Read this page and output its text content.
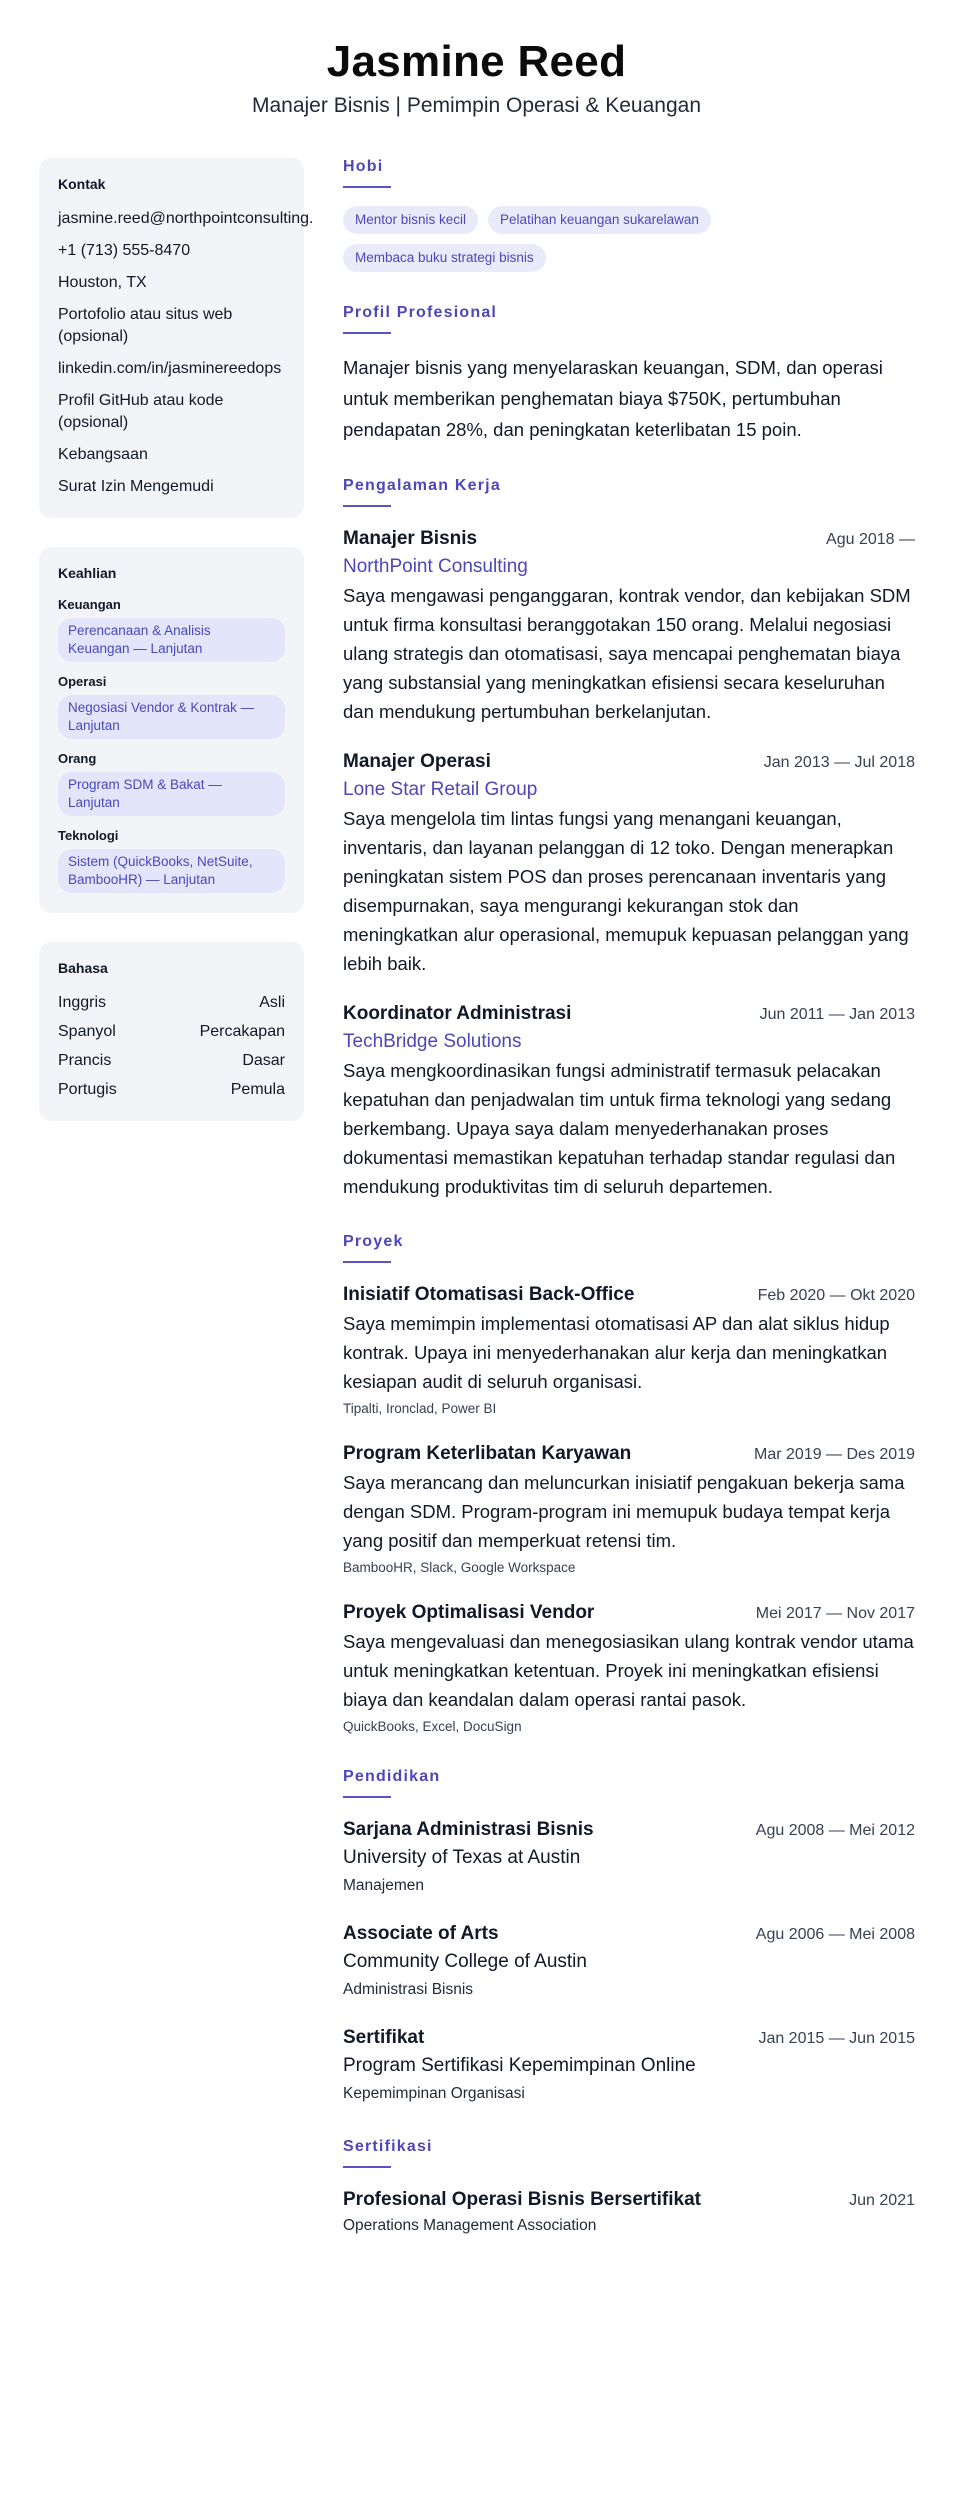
Jasmine Reed
Manajer Bisnis | Pemimpin Operasi & Keuangan
Kontak
jasmine.reed@northpointconsulting.
+1 (713) 555-8470
Houston, TX
Portofolio atau situs web (opsional)
linkedin.com/in/jasminereedops
Profil GitHub atau kode (opsional)
Kebangsaan
Surat Izin Mengemudi
Keahlian
Keuangan
Perencanaan & Analisis Keuangan — Lanjutan
Operasi
Negosiasi Vendor & Kontrak — Lanjutan
Orang
Program SDM & Bakat — Lanjutan
Teknologi
Sistem (QuickBooks, NetSuite, BambooHR) — Lanjutan
Bahasa
Inggris	Asli
Spanyol	Percakapan
Prancis	Dasar
Portugis	Pemula
Hobi
Mentor bisnis kecil	Pelatihan keuangan sukarelawan
Membaca buku strategi bisnis
Profil Profesional

Manajer bisnis yang menyelaraskan keuangan, SDM, dan operasi untuk memberikan penghematan biaya $750K, pertumbuhan pendapatan 28%, dan peningkatan keterlibatan 15 poin.

Pengalaman Kerja
Manajer Bisnis	Agu 2018 —
NorthPoint Consulting

Saya mengawasi penganggaran, kontrak vendor, dan kebijakan SDM untuk firma konsultasi beranggotakan 150 orang. Melalui negosiasi ulang strategis dan otomatisasi, saya mencapai penghematan biaya yang substansial yang meningkatkan efisiensi secara keseluruhan dan mendukung pertumbuhan berkelanjutan.

Manajer Operasi	Jan 2013 — Jul 2018
Lone Star Retail Group

Saya mengelola tim lintas fungsi yang menangani keuangan, inventaris, dan layanan pelanggan di 12 toko. Dengan menerapkan peningkatan sistem POS dan proses perencanaan inventaris yang disempurnakan, saya mengurangi kekurangan stok dan meningkatkan alur operasional, memupuk kepuasan pelanggan yang lebih baik.

Koordinator Administrasi	Jun 2011 — Jan 2013
TechBridge Solutions

Saya mengkoordinasikan fungsi administratif termasuk pelacakan kepatuhan dan penjadwalan tim untuk firma teknologi yang sedang berkembang. Upaya saya dalam menyederhanakan proses dokumentasi memastikan kepatuhan terhadap standar regulasi dan mendukung produktivitas tim di seluruh departemen.

Proyek
Inisiatif Otomatisasi Back-Office	Feb 2020 — Okt 2020

Saya memimpin implementasi otomatisasi AP dan alat siklus hidup kontrak. Upaya ini menyederhanakan alur kerja dan meningkatkan kesiapan audit di seluruh organisasi.

Tipalti, Ironclad, Power BI
Program Keterlibatan Karyawan	Mar 2019 — Des 2019

Saya merancang dan meluncurkan inisiatif pengakuan bekerja sama dengan SDM. Program-program ini memupuk budaya tempat kerja yang positif dan memperkuat retensi tim.

BambooHR, Slack, Google Workspace
Proyek Optimalisasi Vendor	Mei 2017 — Nov 2017

Saya mengevaluasi dan menegosiasikan ulang kontrak vendor utama untuk meningkatkan ketentuan. Proyek ini meningkatkan efisiensi biaya dan keandalan dalam operasi rantai pasok.

QuickBooks, Excel, DocuSign
Pendidikan
Sarjana Administrasi Bisnis	Agu 2008 — Mei 2012
University of Texas at Austin
Manajemen
Associate of Arts	Agu 2006 — Mei 2008
Community College of Austin
Administrasi Bisnis
Sertifikat	Jan 2015 — Jun 2015
Program Sertifikasi Kepemimpinan Online
Kepemimpinan Organisasi
Sertifikasi
Profesional Operasi Bisnis Bersertifikat	Jun 2021
Operations Management Association
